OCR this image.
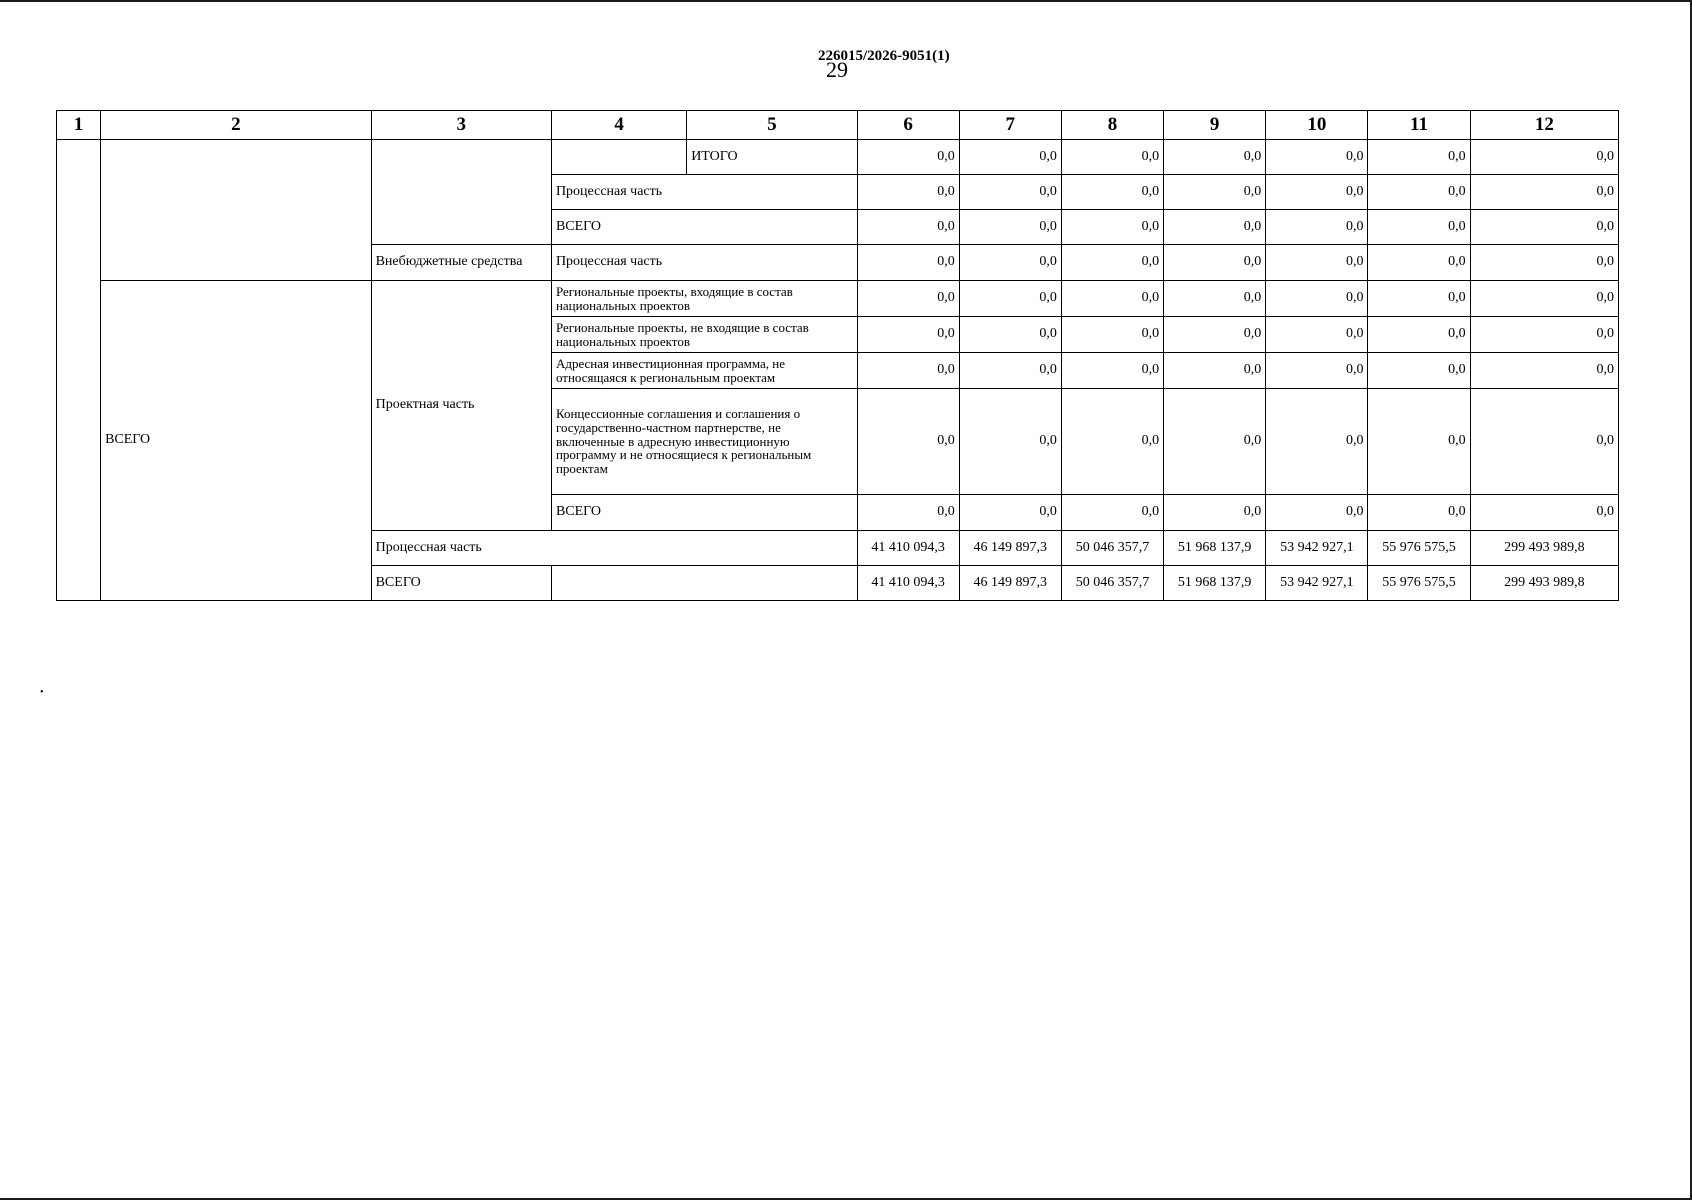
226015/2026-9051(1)
29
1	2	3	4	5	6	7	8	9	10	11	12
				ИТОГО	0,0	0,0	0,0	0,0	0,0	0,0	0,0
			Процессная часть		0,0	0,0	0,0	0,0	0,0	0,0	0,0
			ВСЕГО		0,0	0,0	0,0	0,0	0,0	0,0	0,0
		Внебюджетные средства	Процессная часть		0,0	0,0	0,0	0,0	0,0	0,0	0,0
	ВСЕГО	Проектная часть	Региональные проекты, входящие в состав национальных проектов		0,0	0,0	0,0	0,0	0,0	0,0	0,0
			Региональные проекты, не входящие в состав национальных проектов		0,0	0,0	0,0	0,0	0,0	0,0	0,0
			Адресная инвестиционная программа, не относящаяся к региональным проектам		0,0	0,0	0,0	0,0	0,0	0,0	0,0
			Концессионные соглашения и соглашения о государственно-частном партнерстве, не включенные в адресную инвестиционную программу и не относящиеся к региональным проектам		0,0	0,0	0,0	0,0	0,0	0,0	0,0
			ВСЕГО		0,0	0,0	0,0	0,0	0,0	0,0	0,0
		Процессная часть			41 410 094,3	46 149 897,3	50 046 357,7	51 968 137,9	53 942 927,1	55 976 575,5	299 493 989,8
		ВСЕГО			41 410 094,3	46 149 897,3	50 046 357,7	51 968 137,9	53 942 927,1	55 976 575,5	299 493 989,8
•
